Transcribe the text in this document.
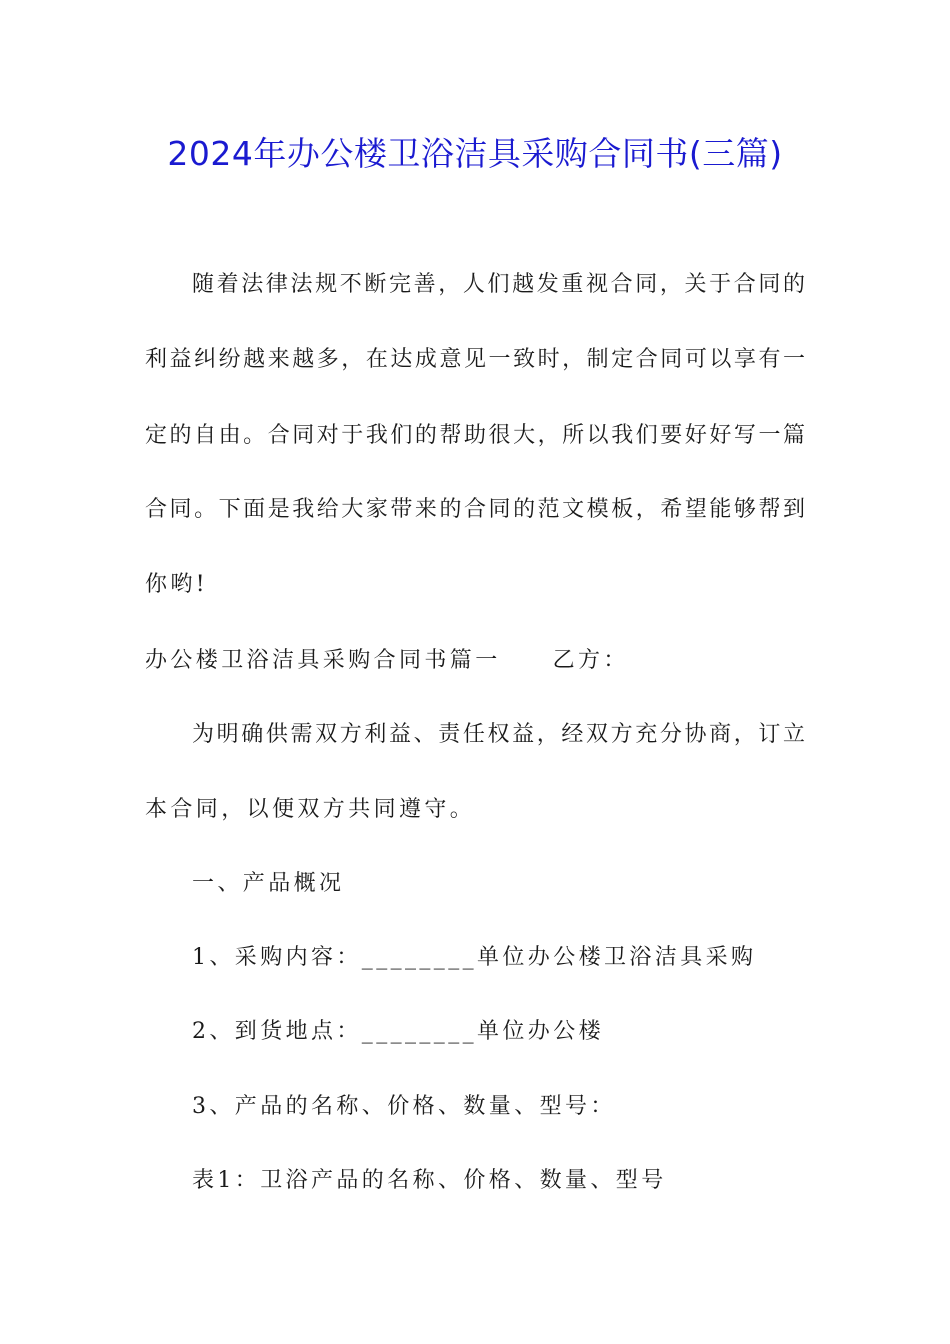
2024年办公楼卫浴洁具采购合同书(三篇)
随着法律法规不断完善，人们越发重视合同，关于合同的
利益纠纷越来越多，在达成意见一致时，制定合同可以享有一
定的自由。合同对于我们的帮助很大，所以我们要好好写一篇
合同。下面是我给大家带来的合同的范文模板，希望能够帮到
你哟!
办公楼卫浴洁具采购合同书篇一 乙方：
为明确供需双方利益、责任权益，经双方充分协商，订立
本合同，以便双方共同遵守。
一、产品概况
1、采购内容：________单位办公楼卫浴洁具采购
2、到货地点：________单位办公楼
3、产品的名称、价格、数量、型号：
表1：卫浴产品的名称、价格、数量、型号
